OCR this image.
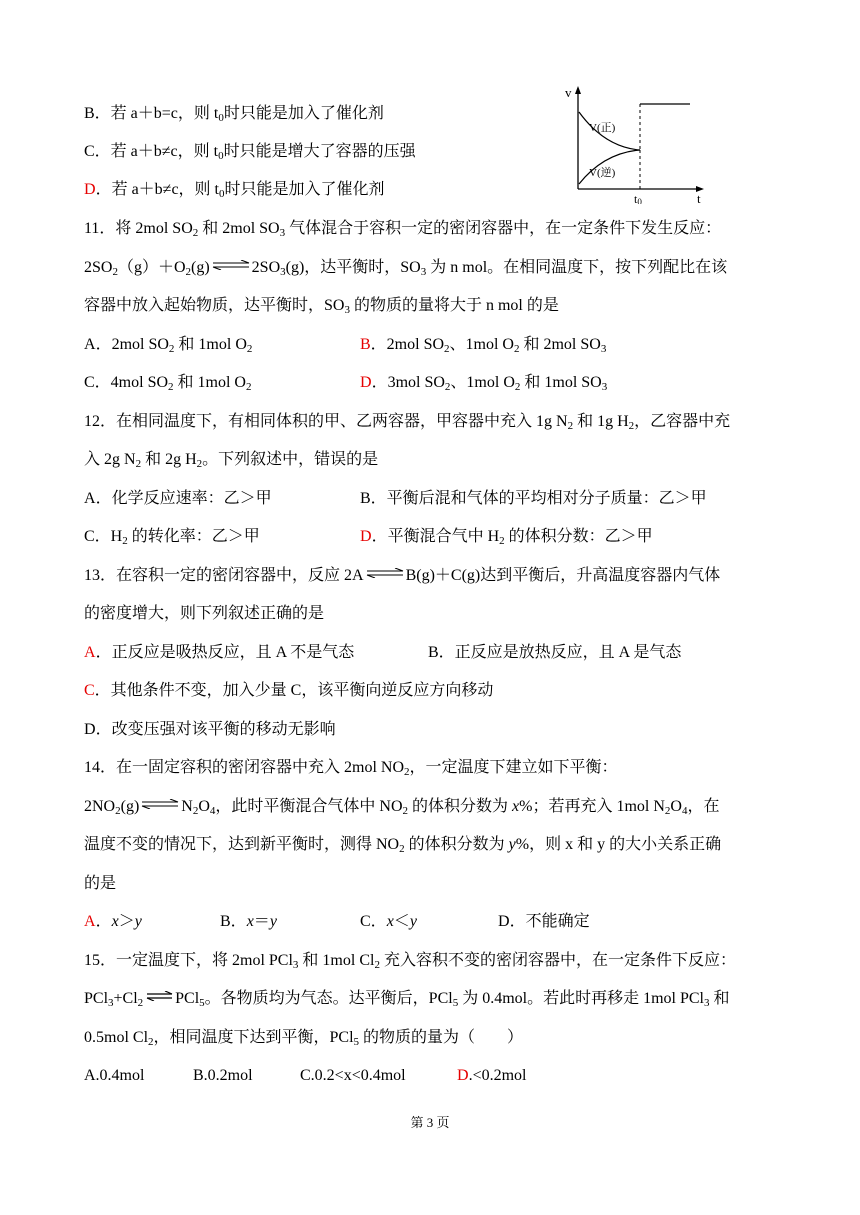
B．若 a＋b=c，则 $t_0$时只能是加入了催化剂
C．若 a＋b≠c，则 $t_0$时只能是增大了容器的压强
D．若 a＋b≠c，则 $t_0$时只能是加入了催化剂
v
t
V(正)
V(逆)
t0
11．将 2mol $SO_2$ 和 2mol $SO_3$ 气体混合于容积一定的密闭容器中，在一定条件下发生反应：
$2SO_2(g)+O_2(g)\rightleftharpoons 2SO_3(g)$，达平衡时，$SO_3$ 为 n mol。在相同温度下，按下列配比在该
容器中放入起始物质，达平衡时，$SO_3$ 的物质的量将大于 n mol 的是
A．2mol $SO_2$ 和 1mol $O_2$	B．2mol $SO_2$、1mol $O_2$ 和 2mol $SO_3$
C．4mol $SO_2$ 和 1mol $O_2$	D．3mol $SO_2$、1mol $O_2$ 和 1mol $SO_3$
12．在相同温度下，有相同体积的甲、乙两容器，甲容器中充入 1g $N_2$ 和 1g $H_2$，乙容器中充
入 2g $N_2$ 和 2g $H_2$。下列叙述中，错误的是
A．化学反应速率：乙＞甲	B．平衡后混和气体的平均相对分子质量：乙＞甲
C．$H_2$ 的转化率：乙＞甲	D．平衡混合气中 $H_2$ 的体积分数：乙＞甲
13．在容积一定的密闭容器中，反应 2A⇌B(g)＋C(g)达到平衡后，升高温度容器内气体
的密度增大，则下列叙述正确的是
A．正反应是吸热反应，且 A 不是气态	B．正反应是放热反应，且 A 是气态
C．其他条件不变，加入少量 C，该平衡向逆反应方向移动
D．改变压强对该平衡的移动无影响
14．在一固定容积的密闭容器中充入 2mol $NO_2$，一定温度下建立如下平衡：
$2NO_2(g)\rightleftharpoons N_2O_4$，此时平衡混合气体中 $NO_2$ 的体积分数为 x%；若再充入 1mol $N_2O_4$，在
温度不变的情况下，达到新平衡时，测得 $NO_2$ 的体积分数为 y%，则 x 和 y 的大小关系正确
的是
A．x＞y	B．x＝y	C．x＜y	D．不能确定
15．一定温度下，将 2mol PCl$_3$ 和 1mol $Cl_2$ 充入容积不变的密闭容器中，在一定条件下反应：
$PCl_3+Cl_2$ PCl$_5$。各物质均为气态。达平衡后，PCl$_5$ 为 0.4mol。若此时再移走 1mol PCl$_3$ 和
0.5mol $Cl_2$，相同温度下达到平衡，PCl$_5$ 的物质的量为（　　）
A.0.4mol	B.0.2mol	C.0.2<x<0.4mol	D.<0.2mol
第 3 页
